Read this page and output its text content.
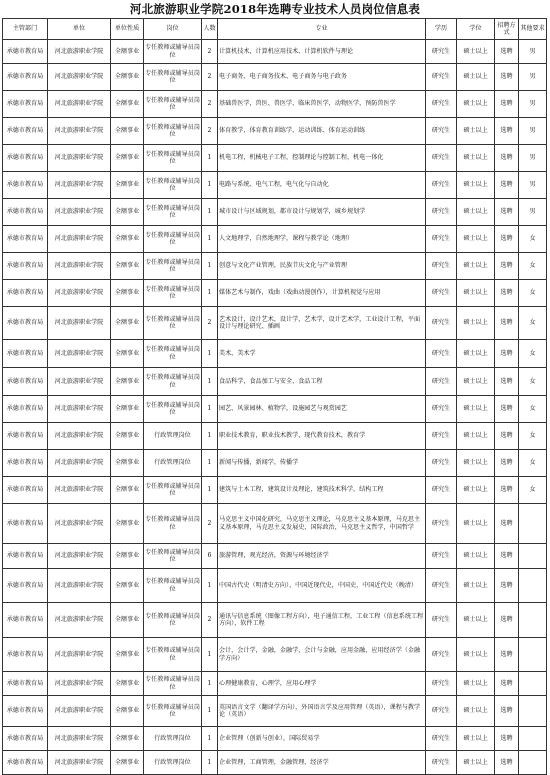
河北旅游职业学院2018年选聘专业技术人员岗位信息表
主管部门	单位	单位性质	岗位	人数	专业	学历	学位	招聘方式	其他要求
承德市教育局	河北旅游职业学院	全额事业	专任教师或辅导员岗位	2	计算机技术，计算机应用技术、计算机软件与理论	研究生	硕士以上	选聘	男
承德市教育局	河北旅游职业学院	全额事业	专任教师或辅导员岗位	2	电子商务、电子商务技术、电子商务与电子政务	研究生	硕士以上	选聘	男
承德市教育局	河北旅游职业学院	全额事业	专任教师或辅导员岗位	2	基础兽医学，兽医、兽医学、临床兽医学，动物医学，预防兽医学	研究生	硕士以上	选聘	男
承德市教育局	河北旅游职业学院	全额事业	专任教师或辅导员岗位	2	体育教学，体育教育训练学，运动训练、体育运动训练	研究生	硕士以上	选聘	男
承德市教育局	河北旅游职业学院	全额事业	专任教师或辅导员岗位	1	机电工程，机械电子工程，控制理论与控制工程，机电一体化	研究生	硕士以上	选聘	男
承德市教育局	河北旅游职业学院	全额事业	专任教师或辅导员岗位	1	电路与系统、电气工程，电气化与自动化	研究生	硕士以上	选聘	男
承德市教育局	河北旅游职业学院	全额事业	专任教师或辅导员岗位	1	城市设计与区域规划，都市设计与规划学，城乡规划学	研究生	硕士以上	选聘	男
承德市教育局	河北旅游职业学院	全额事业	专任教师或辅导员岗位	1	人文地理学，自然地理学，课程与教学论（地理）	研究生	硕士以上	选聘	女
承德市教育局	河北旅游职业学院	全额事业	专任教师或辅导员岗位	1	创意与文化产业管理，民族节庆文化与产业管理	研究生	硕士以上	选聘	女
承德市教育局	河北旅游职业学院	全额事业	专任教师或辅导员岗位	1	媒体艺术与制作，戏曲（戏曲动漫创作），计算机视觉与应用	研究生	硕士以上	选聘	女
承德市教育局	河北旅游职业学院	全额事业	专任教师或辅导员岗位	2	艺术设计，设计艺术，设计学，艺术学，设计艺术学，工业设计工程，平面设计与理论研究、插画	研究生	硕士以上	选聘	女
承德市教育局	河北旅游职业学院	全额事业	专任教师或辅导员岗位	1	美术、美术学	研究生	硕士以上	选聘	女
承德市教育局	河北旅游职业学院	全额事业	专任教师或辅导员岗位	1	食品科学，食品加工与安全、食品工程	研究生	硕士以上	选聘	女
承德市教育局	河北旅游职业学院	全额事业	专任教师或辅导员岗位	1	园艺、风景园林、植物学，设施园艺与观赏园艺	研究生	硕士以上	选聘	女
承德市教育局	河北旅游职业学院	全额事业	行政管理岗位	1	职业技术教育，职业技术教学，现代教育技术，教育学	研究生	硕士以上	选聘	女
承德市教育局	河北旅游职业学院	全额事业	行政管理岗位	1	新闻与传播，新闻学，传播学	研究生	硕士以上	选聘	女
承德市教育局	河北旅游职业学院	全额事业	专任教师或辅导员岗位	1	建筑与土木工程，建筑设计及理论，建筑技术科学，结构工程	研究生	硕士以上	选聘	女
承德市教育局	河北旅游职业学院	全额事业	专任教师或辅导员岗位	2	马克思主义中国化研究，马克思主义理论，马克思主义基本原理，马克思主义基本原理，马克思主义发展史，国际政治，马克思主义哲学，中国哲学	研究生	硕士以上	选聘	
承德市教育局	河北旅游职业学院	全额事业	专任教师或辅导员岗位	6	旅游管理，观光经济，资源与环境经济学	研究生	硕士以上	选聘	
承德市教育局	河北旅游职业学院	全额事业	专任教师或辅导员岗位	1	中国古代史（明清史方向）、中国近现代史，中国史，中国近代史（晚清）	研究生	硕士以上	选聘	
承德市教育局	河北旅游职业学院	全额事业	专任教师或辅导员岗位	2	通讯与信息系统（图像工程方向），电子通信工程，工业工程（信息系统工程方向），软件工程	研究生	硕士以上	选聘	
承德市教育局	河北旅游职业学院	全额事业	专任教师或辅导员岗位	1	会计，会计学，金融，金融学，会计与金融，应用金融，应用经济学（金融学方向）	研究生	硕士以上	选聘	
承德市教育局	河北旅游职业学院	全额事业	专任教师或辅导员岗位	1	心理健康教育，心理学，应用心理学	研究生	硕士以上	选聘	
承德市教育局	河北旅游职业学院	全额事业	专任教师或辅导员岗位	1	英国语言文学（翻译学方向），外国语言学及应用管理（英语），课程与教学论（英语）	研究生	硕士以上	选聘	
承德市教育局	河北旅游职业学院	全额事业	行政管理岗位	1	企业管理（创新与创业），国际贸易学	研究生	硕士以上	选聘	
承德市教育局	河北旅游职业学院	全额事业	行政管理岗位	1	企业管理，工商管理，金融管理，经济学	研究生	硕士以上	选聘	
